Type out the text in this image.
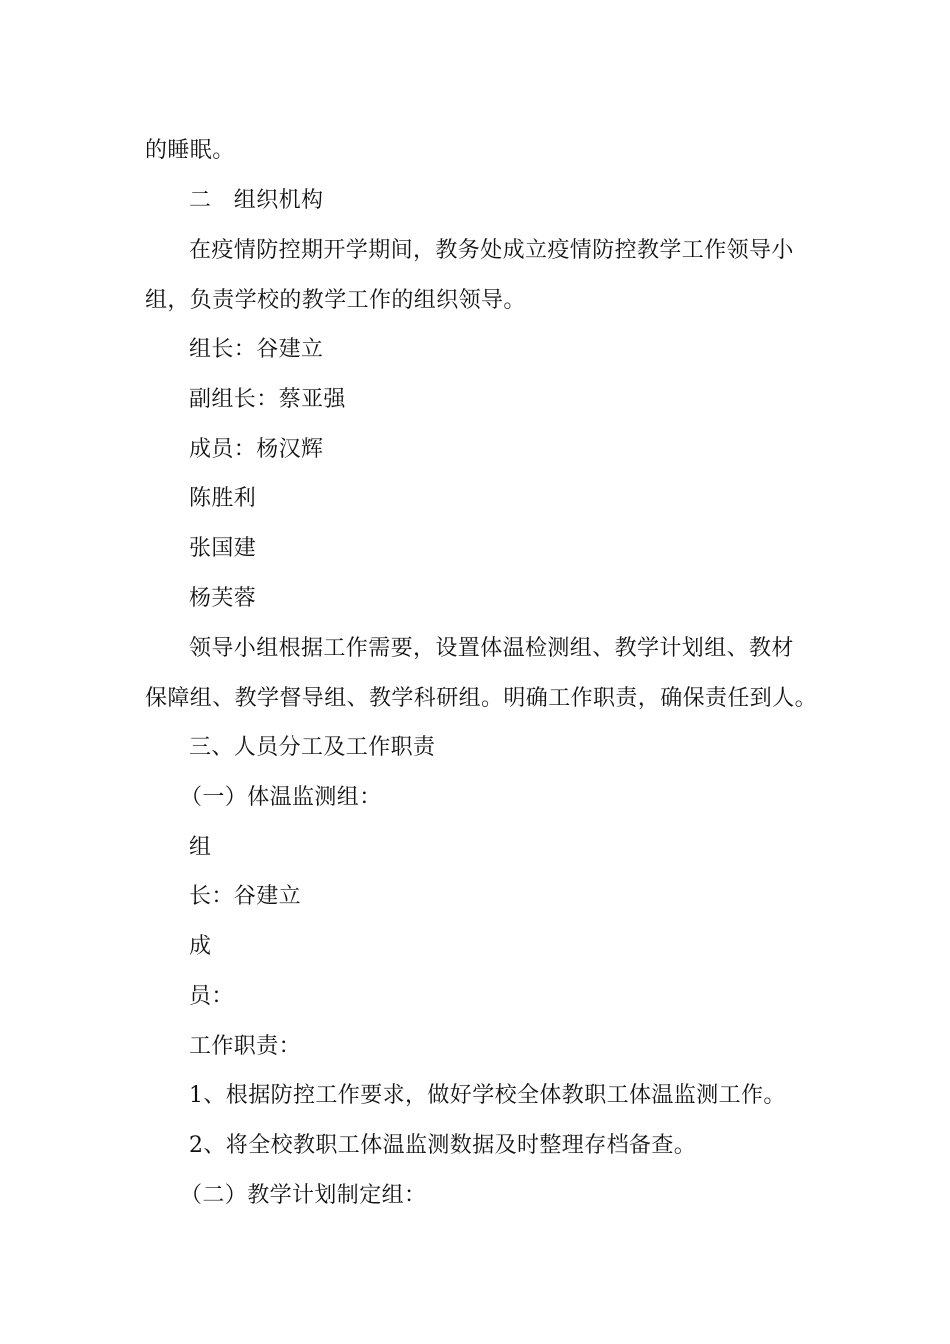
的睡眠。
二　组织机构
在疫情防控期开学期间，教务处成立疫情防控教学工作领导小
组，负责学校的教学工作的组织领导。
组长：谷建立
副组长：蔡亚强
成员：杨汉辉
陈胜利
张国建
杨芙蓉
领导小组根据工作需要，设置体温检测组、教学计划组、教材
保障组、教学督导组、教学科研组。明确工作职责，确保责任到人。
三、人员分工及工作职责
（一）体温监测组：
组
长：谷建立
成
员：
工作职责：
1、根据防控工作要求，做好学校全体教职工体温监测工作。
2、将全校教职工体温监测数据及时整理存档备查。
（二）教学计划制定组：
